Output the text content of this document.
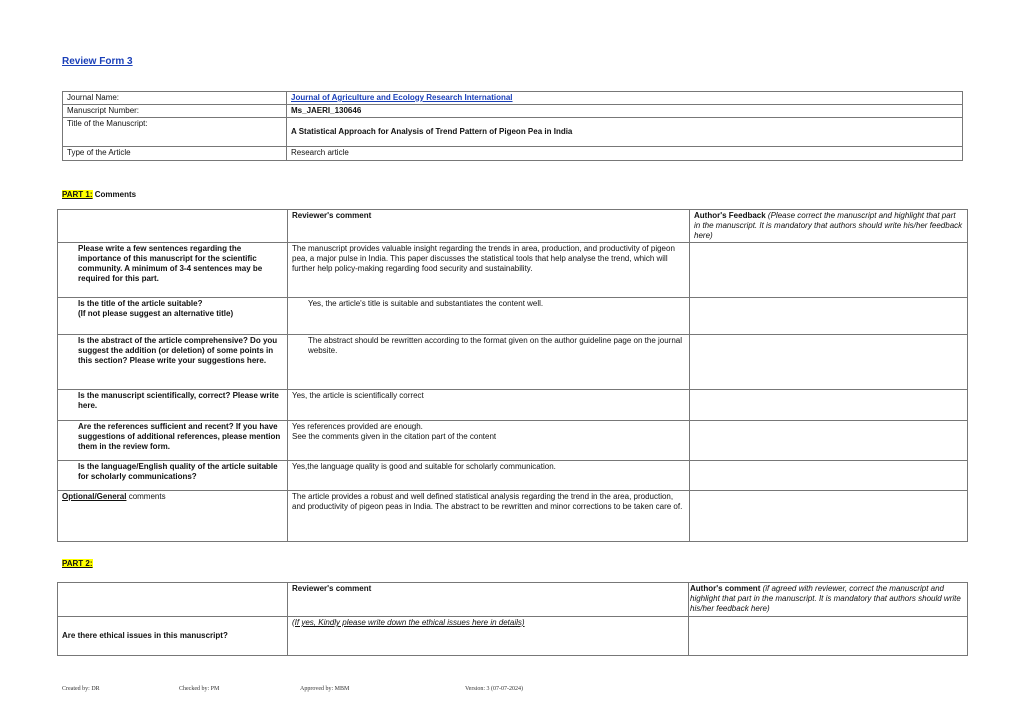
Review Form 3
Journal Name:	Journal of Agriculture and Ecology Research International
Manuscript Number:	Ms_JAERI_130646
Title of the Manuscript:	A Statistical Approach for Analysis of Trend Pattern of Pigeon Pea in India
Type of the Article	Research article
PART 1: Comments
	Reviewer's comment	Author's Feedback (Please correct the manuscript and highlight that part in the manuscript. It is mandatory that authors should write his/her feedback here)
Please write a few sentences regarding the importance of this manuscript for the scientific community. A minimum of 3-4 sentences may be required for this part.	The manuscript provides valuable insight regarding the trends in area, production, and productivity of pigeon pea, a major pulse in India. This paper discusses the statistical tools that help analyse the trend, which will further help policy-making regarding food security and sustainability.	
Is the title of the article suitable?
(If not please suggest an alternative title)	Yes, the article's title is suitable and substantiates the content well.	
Is the abstract of the article comprehensive? Do you suggest the addition (or deletion) of some points in this section? Please write your suggestions here.	The abstract should be rewritten according to the format given on the author guideline page on the journal website.	
Is the manuscript scientifically, correct? Please write here.	Yes, the article is scientifically correct	
Are the references sufficient and recent? If you have suggestions of additional references, please mention them in the review form.	Yes references provided are enough.
See the comments given in the citation part of the content	
Is the language/English quality of the article suitable for scholarly communications?	Yes,the language quality is good and suitable for scholarly communication.	
Optional/General comments	The article provides a robust and well defined statistical analysis regarding the trend in the area, production, and productivity of pigeon peas in India. The abstract to be rewritten and minor corrections to be taken care of.	
PART 2:
	Reviewer's comment	Author's comment (if agreed with reviewer, correct the manuscript and highlight that part in the manuscript. It is mandatory that authors should write his/her feedback here)
Are there ethical issues in this manuscript?	(If yes, Kindly please write down the ethical issues here in details)	
Created by: DR	Checked by: PM	Approved by: MBM	Version: 3 (07-07-2024)
